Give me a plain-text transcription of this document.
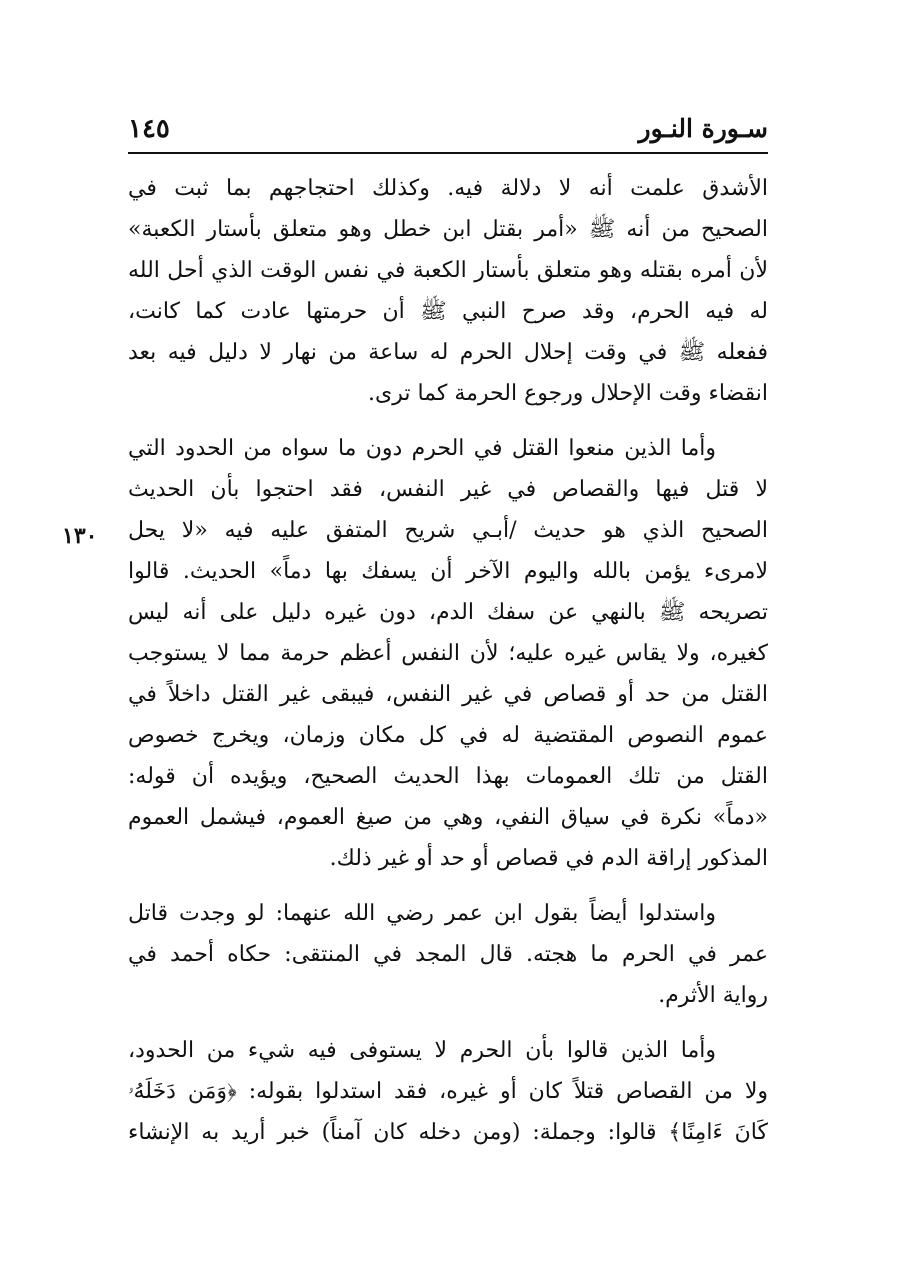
سـورة النـور
١٤٥
١٣٠

الأشدق علمت أنه لا دلالة فيه. وكذلك احتجاجهم بما ثبت في
الصحيح من أنه ﷺ «أمر بقتل ابن خطل وهو متعلق بأستار الكعبة»
لأن أمره بقتله وهو متعلق بأستار الكعبة في نفس الوقت الذي أحل الله
له فيه الحرم، وقد صرح النبي ﷺ أن حرمتها عادت كما كانت،
ففعله ﷺ في وقت إحلال الحرم له ساعة من نهار لا دليل فيه بعد
انقضاء وقت الإحلال ورجوع الحرمة كما ترى.

وأما الذين منعوا القتل في الحرم دون ما سواه من الحدود التي
لا قتل فيها والقصاص في غير النفس، فقد احتجوا بأن الحديث
الصحيح الذي هو حديث /أبـي شريح المتفق عليه فيه «لا يحل
لامرىء يؤمن بالله واليوم الآخر أن يسفك بها دماً» الحديث. قالوا
تصريحه ﷺ بالنهي عن سفك الدم، دون غيره دليل على أنه ليس
كغيره، ولا يقاس غيره عليه؛ لأن النفس أعظم حرمة مما لا يستوجب
القتل من حد أو قصاص في غير النفس، فيبقى غير القتل داخلاً في
عموم النصوص المقتضية له في كل مكان وزمان، ويخرج خصوص
القتل من تلك العمومات بهذا الحديث الصحيح، ويؤيده أن قوله:
«دماً» نكرة في سياق النفي، وهي من صيغ العموم، فيشمل العموم
المذكور إراقة الدم في قصاص أو حد أو غير ذلك.

واستدلوا أيضاً بقول ابن عمر رضي الله عنهما: لو وجدت قاتل
عمر في الحرم ما هجته. قال المجد في المنتقى: حكاه أحمد في
رواية الأثرم.

وأما الذين قالوا بأن الحرم لا يستوفى فيه شيء من الحدود،
ولا من القصاص قتلاً كان أو غيره، فقد استدلوا بقوله: ﴿وَمَن دَخَلَهُۥ
كَانَ ءَامِنًا﴾ قالوا: وجملة: (ومن دخله كان آمناً) خبر أريد به الإنشاء
